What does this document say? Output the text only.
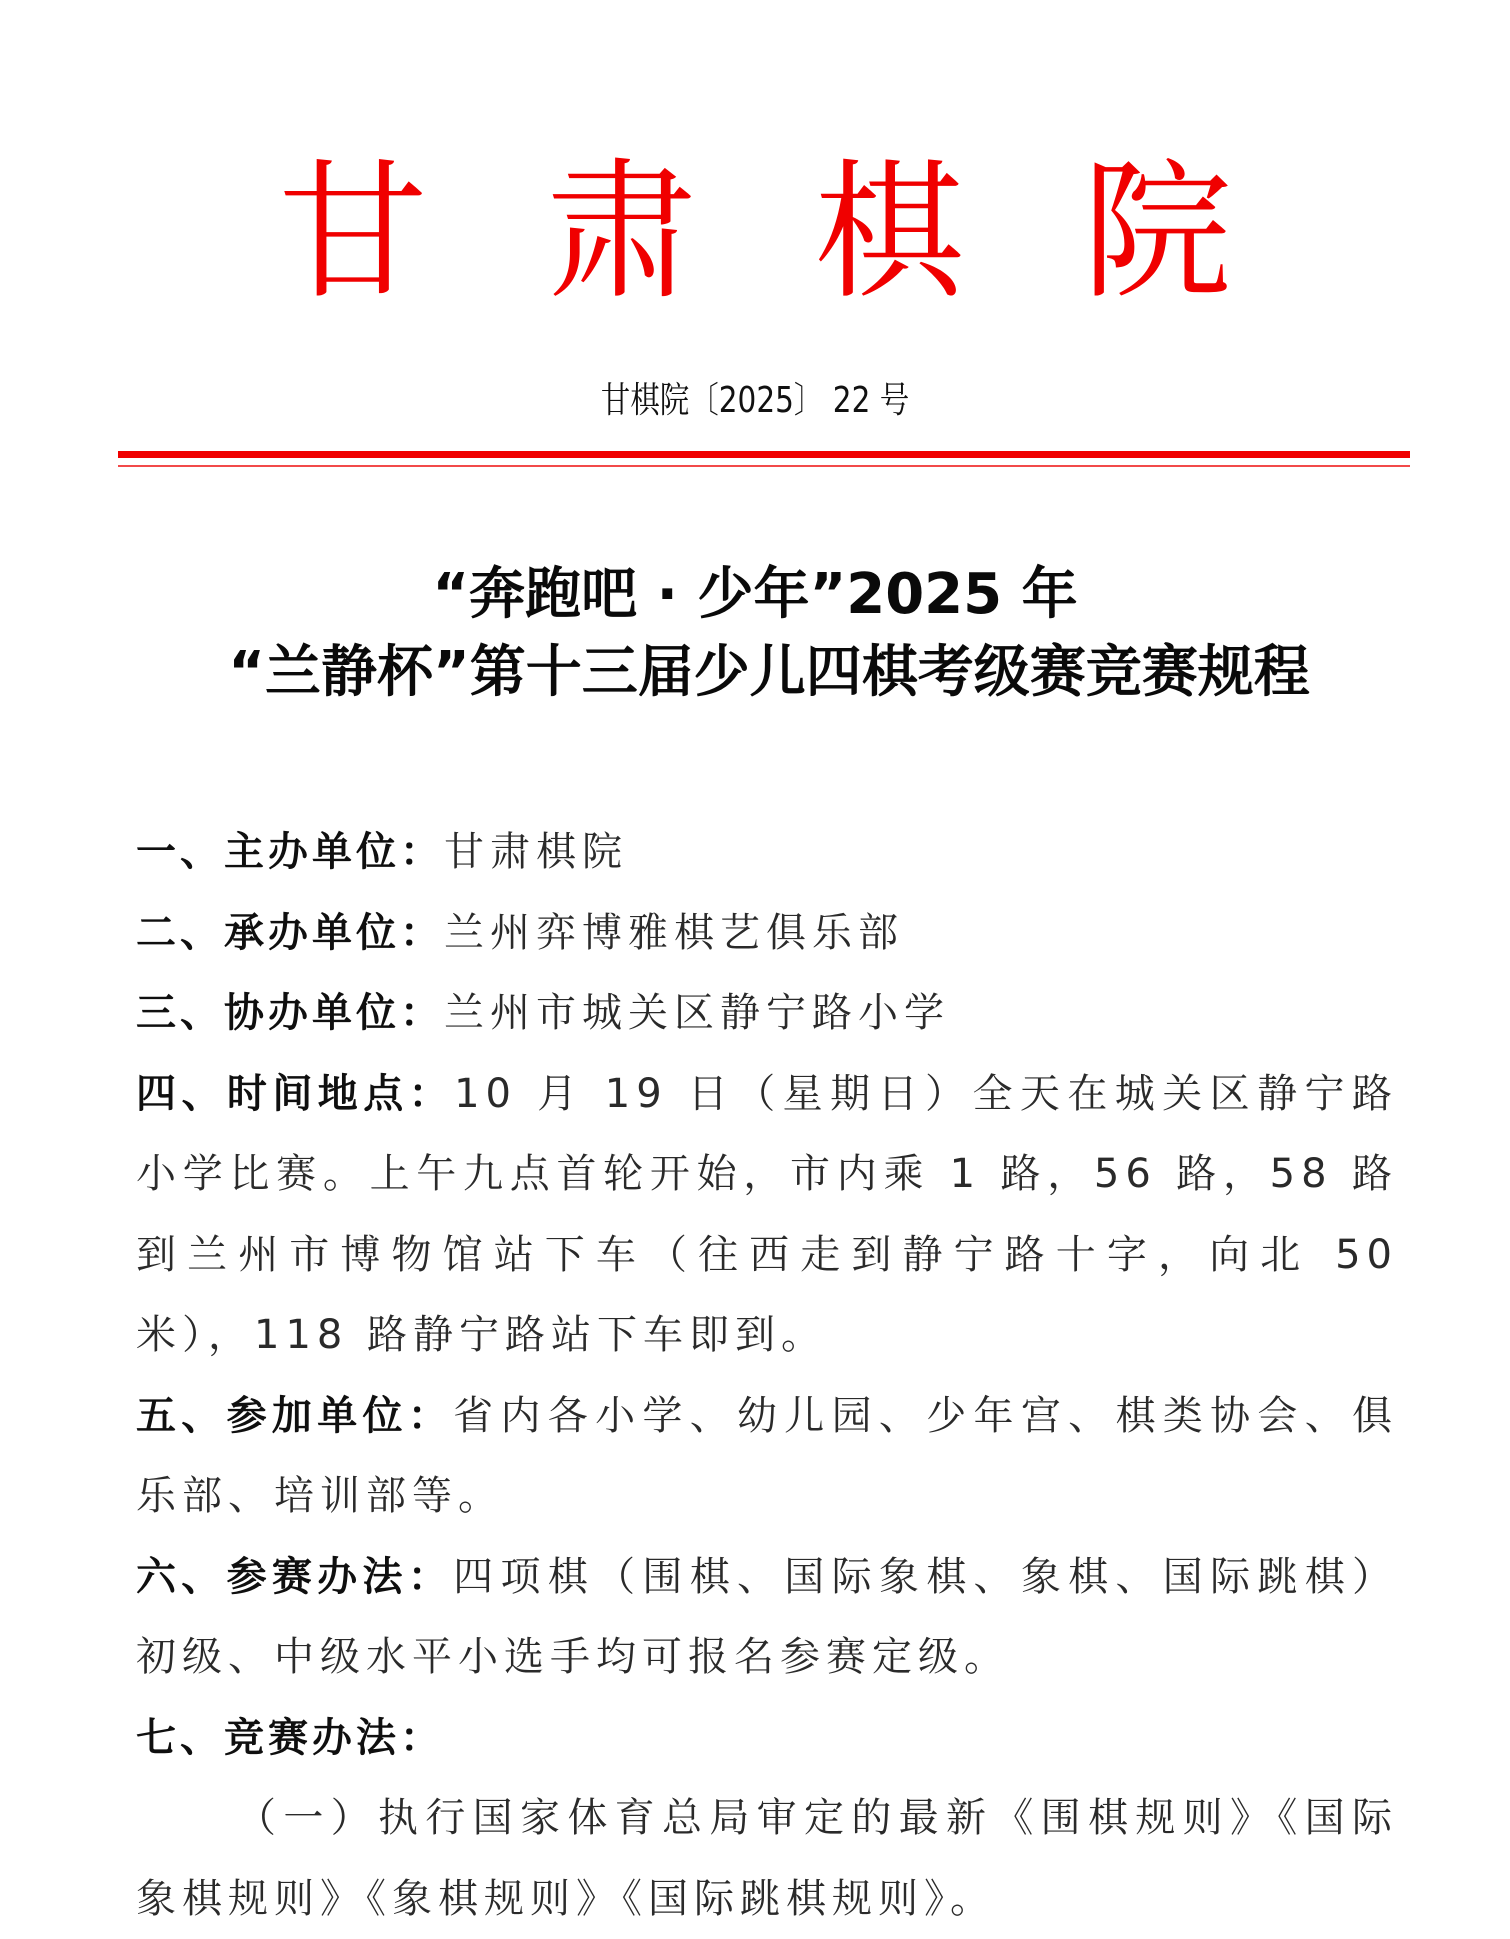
甘肃棋院
甘棋院〔2025〕 22 号
“奔跑吧 · 少年”2025 年
“兰静杯”第十三届少儿四棋考级赛竞赛规程

一、主办单位：甘肃棋院

二、承办单位：兰州弈博雅棋艺俱乐部

三、协办单位：兰州市城关区静宁路小学

四、时间地点：10 月 19 日（星期日）全天在城关区静宁路小学比赛。上午九点首轮开始，市内乘 1 路，56 路，58 路到兰州市博物馆站下车（往西走到静宁路十字，向北 50 米），118 路静宁路站下车即到。

五、参加单位：省内各小学、幼儿园、少年宫、棋类协会、俱乐部、培训部等。

六、参赛办法：四项棋（围棋、国际象棋、象棋、国际跳棋）初级、中级水平小选手均可报名参赛定级。

七、竞赛办法：

（一）执行国家体育总局审定的最新《围棋规则》《国际象棋规则》《象棋规则》《国际跳棋规则》。
